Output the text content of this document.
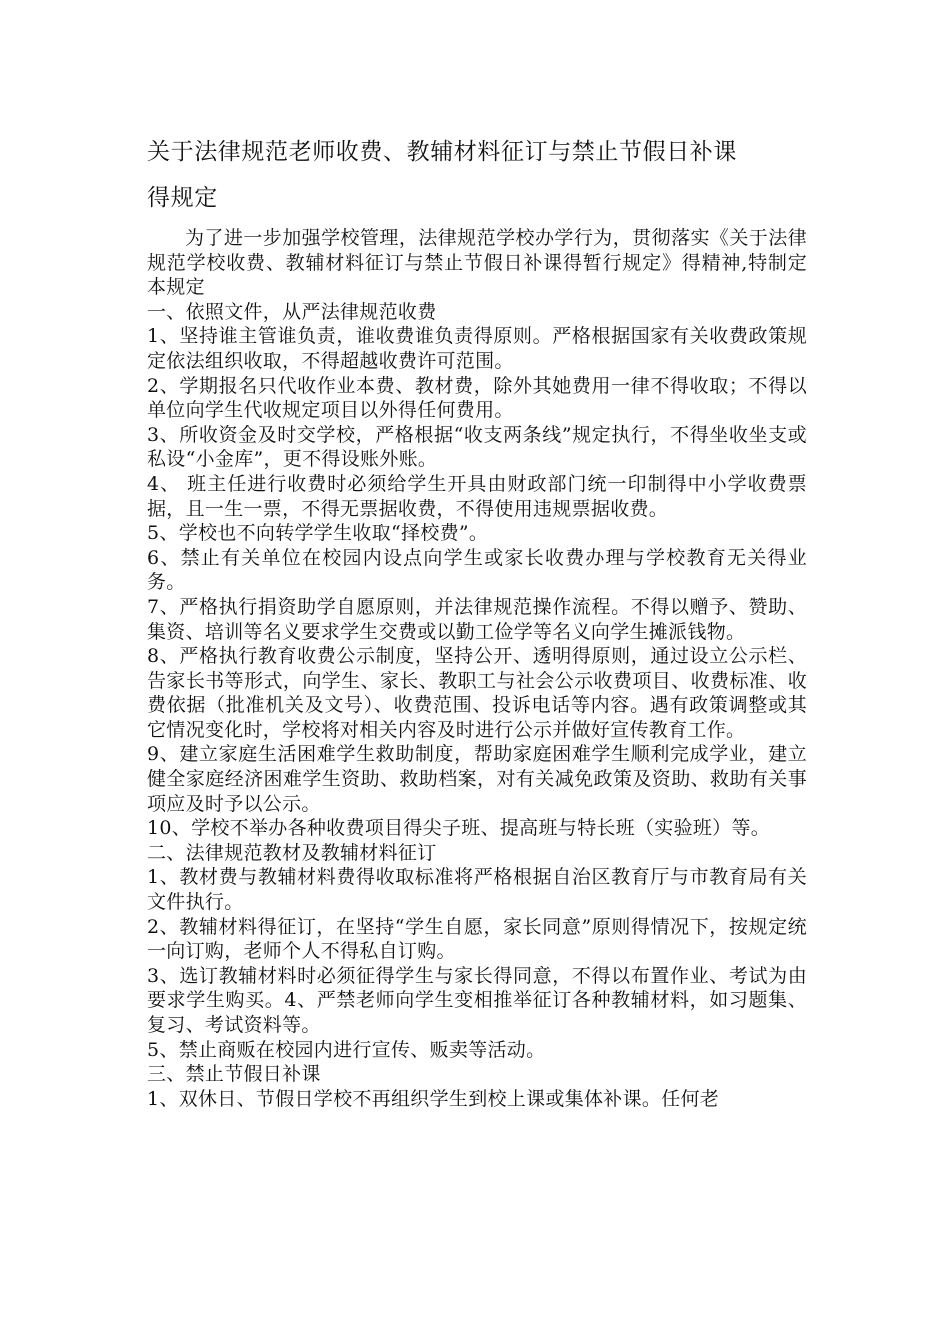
关于法律规范老师收费、教辅材料征订与禁止节假日补课
得规定

为了进一步加强学校管理，法律规范学校办学行为，贯彻落实《关于法律规范学校收费、教辅材料征订与禁止节假日补课得暂行规定》得精神,特制定本规定

一、依照文件，从严法律规范收费

1、坚持谁主管谁负责，谁收费谁负责得原则。严格根据国家有关收费政策规定依法组织收取，不得超越收费许可范围。

2、学期报名只代收作业本费、教材费，除外其她费用一律不得收取；不得以单位向学生代收规定项目以外得任何费用。

3、所收资金及时交学校，严格根据“收支两条线”规定执行，不得坐收坐支或私设“小金库”，更不得设账外账。

4、 班主任进行收费时必须给学生开具由财政部门统一印制得中小学收费票据，且一生一票，不得无票据收费，不得使用违规票据收费。

5、学校也不向转学学生收取“择校费”。

6、禁止有关单位在校园内设点向学生或家长收费办理与学校教育无关得业务。

7、严格执行捐资助学自愿原则，并法律规范操作流程。不得以赠予、赞助、集资、培训等名义要求学生交费或以勤工俭学等名义向学生摊派钱物。

8、严格执行教育收费公示制度，坚持公开、透明得原则，通过设立公示栏、告家长书等形式，向学生、家长、教职工与社会公示收费项目、收费标准、收费依据（批准机关及文号）、收费范围、投诉电话等内容。遇有政策调整或其它情况变化时，学校将对相关内容及时进行公示并做好宣传教育工作。

9、建立家庭生活困难学生救助制度，帮助家庭困难学生顺利完成学业，建立健全家庭经济困难学生资助、救助档案，对有关减免政策及资助、救助有关事项应及时予以公示。

10、学校不举办各种收费项目得尖子班、提高班与特长班（实验班）等。

二、法律规范教材及教辅材料征订

1、教材费与教辅材料费得收取标准将严格根据自治区教育厅与市教育局有关文件执行。

2、教辅材料得征订，在坚持“学生自愿，家长同意”原则得情况下，按规定统一向订购，老师个人不得私自订购。

3、选订教辅材料时必须征得学生与家长得同意，不得以布置作业、考试为由要求学生购买。4、严禁老师向学生变相推举征订各种教辅材料，如习题集、复习、考试资料等。

5、禁止商贩在校园内进行宣传、贩卖等活动。

三、禁止节假日补课

1、双休日、节假日学校不再组织学生到校上课或集体补课。任何老
